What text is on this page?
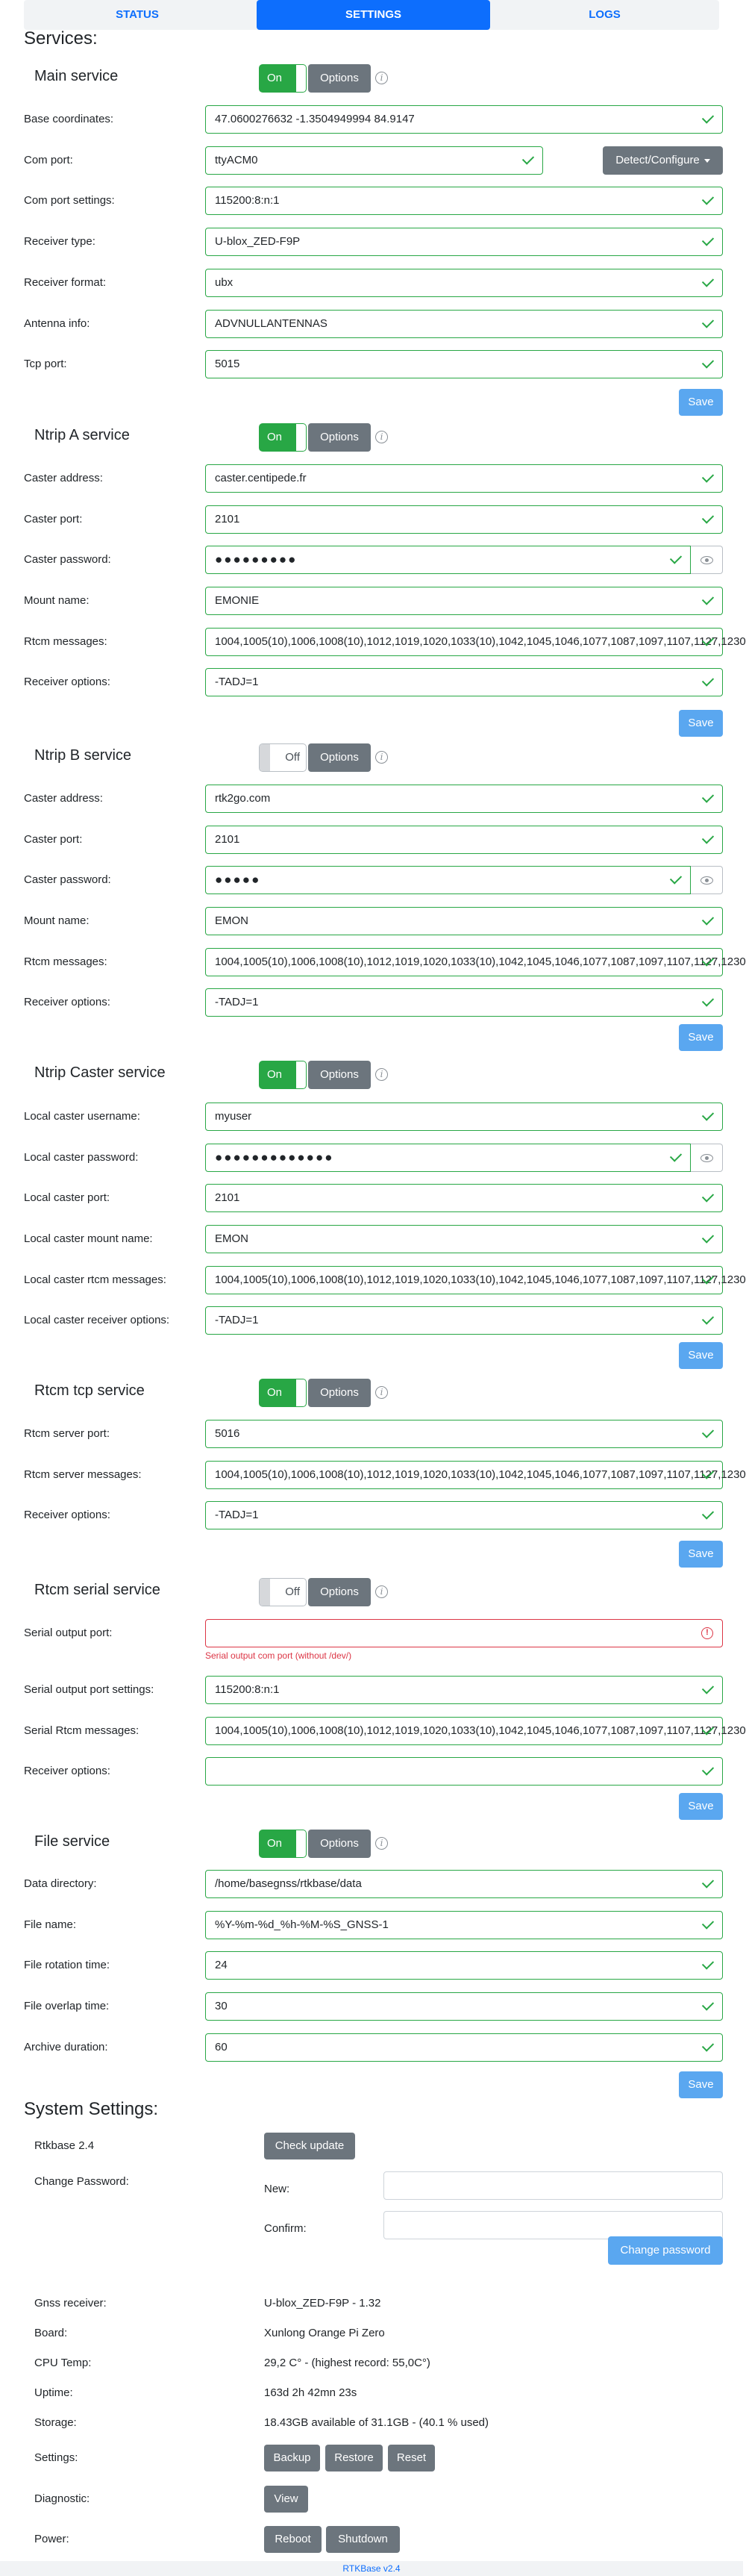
STATUS	SETTINGS	LOGS
Services:
Main service	On	Options	i
Base coordinates:	47.0600276632 -1.3504949994 84.9147
Com port:	ttyACM0	Detect/Configure
Com port settings:	115200:8:n:1
Receiver type:	U-blox_ZED-F9P
Receiver format:	ubx
Antenna info:	ADVNULLANTENNAS
Tcp port:	5015
Save
Ntrip A service	On	Options	i
Caster address:	caster.centipede.fr
Caster port:	2101
Caster password:	●●●●●●●●●
Mount name:	EMONIE
Rtcm messages:	1004,1005(10),1006,1008(10),1012,1019,1020,1033(10),1042,1045,1046,1077,1087,1097,1107,1127,1230
Receiver options:	-TADJ=1
Save
Ntrip B service	Off	Options	i
Caster address:	rtk2go.com
Caster port:	2101
Caster password:	●●●●●
Mount name:	EMON
Rtcm messages:	1004,1005(10),1006,1008(10),1012,1019,1020,1033(10),1042,1045,1046,1077,1087,1097,1107,1127,1230
Receiver options:	-TADJ=1
Save
Ntrip Caster service	On	Options	i
Local caster username:	myuser
Local caster password:	●●●●●●●●●●●●●
Local caster port:	2101
Local caster mount name:	EMON
Local caster rtcm messages:	1004,1005(10),1006,1008(10),1012,1019,1020,1033(10),1042,1045,1046,1077,1087,1097,1107,1127,1230
Local caster receiver options:	-TADJ=1
Save
Rtcm tcp service	On	Options	i
Rtcm server port:	5016
Rtcm server messages:	1004,1005(10),1006,1008(10),1012,1019,1020,1033(10),1042,1045,1046,1077,1087,1097,1107,1127,1230
Receiver options:	-TADJ=1
Save
Rtcm serial service	Off	Options	i
Serial output port:	!
Serial output com port (without /dev/)
Serial output port settings:	115200:8:n:1
Serial Rtcm messages:	1004,1005(10),1006,1008(10),1012,1019,1020,1033(10),1042,1045,1046,1077,1087,1097,1107,1127,1230
Receiver options:
Save
File service	On	Options	i
Data directory:	/home/basegnss/rtkbase/data
File name:	%Y-%m-%d_%h-%M-%S_GNSS-1
File rotation time:	24
File overlap time:	30
Archive duration:	60
Save
System Settings:
Rtkbase 2.4	Check update
Change Password:
New:
Confirm:
Change password
Gnss receiver:	U-blox_ZED-F9P - 1.32
Board:	Xunlong Orange Pi Zero
CPU Temp:	29,2 C° - (highest record: 55,0C°)
Uptime:	163d 2h 42mn 23s
Storage:	18.43GB available of 31.1GB - (40.1 % used)
Settings:	Backup	Restore	Reset
Diagnostic:	View
Power:	Reboot	Shutdown
RTKBase v2.4
